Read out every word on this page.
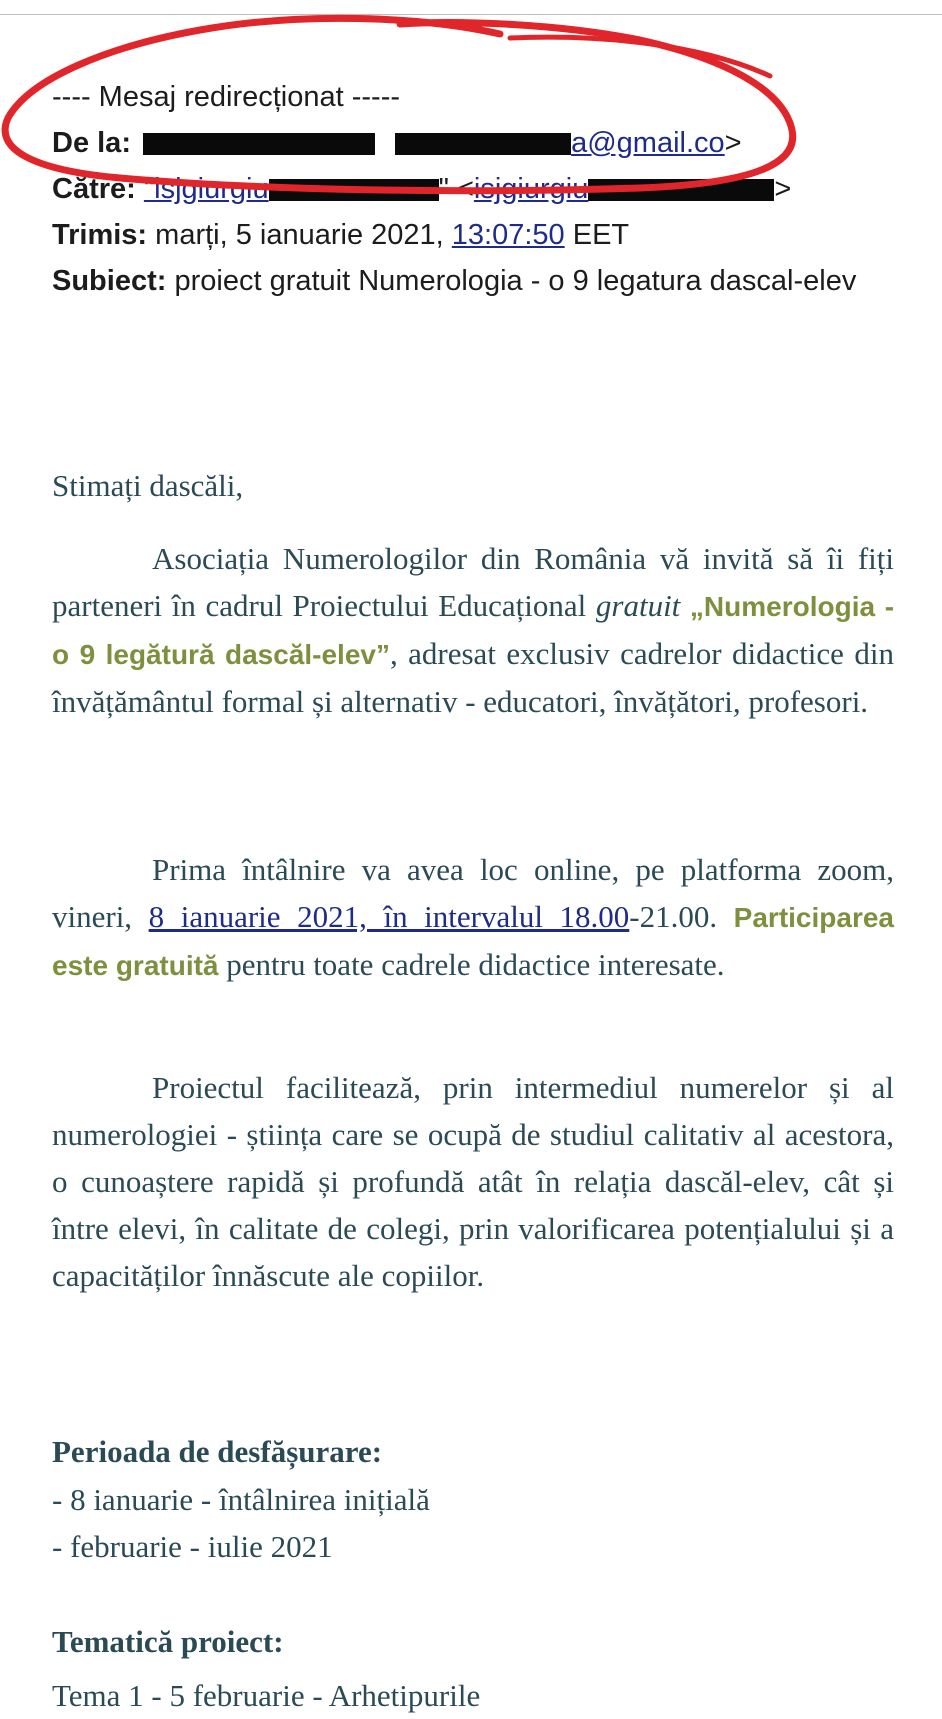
---- Mesaj redirecționat -----
De la:	a@gmail.co>
Către: "isjgiurgiu	" <isjgiurgiu	>
Trimis: marți, 5 ianuarie 2021, 13:07:50 EET
Subiect: proiect gratuit Numerologia - o 9 legatura dascal-elev
Stimați dascăli,
Asociația Numerologilor din România vă invită să îi fiți parteneri în cadrul Proiectului Educațional gratuit „Numerologia - o 9 legătură dascăl-elev”, adresat exclusiv cadrelor didactice din învățământul formal și alternativ - educatori, învățători, profesori.
Prima întâlnire va avea loc online, pe platforma zoom, vineri, 8 ianuarie 2021, în intervalul 18.00-21.00. Participarea este gratuită pentru toate cadrele didactice interesate.
Proiectul facilitează, prin intermediul numerelor și al numerologiei - știința care se ocupă de studiul calitativ al acestora, o cunoaștere rapidă și profundă atât în relația dascăl-elev, cât și între elevi, în calitate de colegi, prin valorificarea potențialului și a capacităților înnăscute ale copiilor.
Perioada de desfășurare:
- 8 ianuarie - întâlnirea inițială
- februarie - iulie 2021
Tematică proiect:
Tema 1 - 5 februarie - Arhetipurile
